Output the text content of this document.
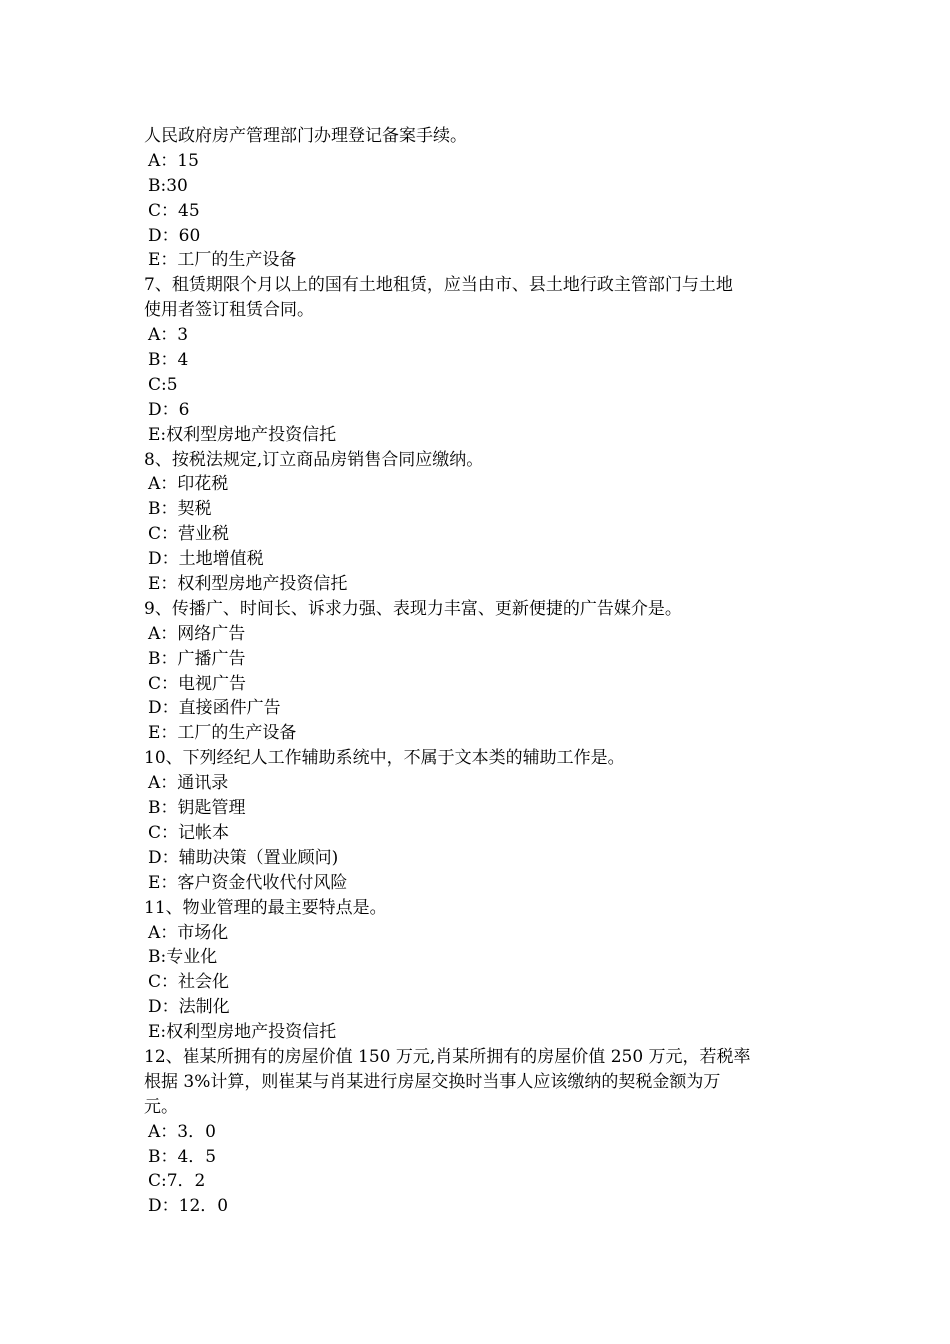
人民政府房产管理部门办理登记备案手续。
A：15
B:30
C：45
D：60
E：工厂的生产设备
7、租赁期限个月以上的国有土地租赁，应当由市、县土地行政主管部门与土地
使用者签订租赁合同。
A：3
B：4
C:5
D：6
E:权利型房地产投资信托
8、按税法规定,订立商品房销售合同应缴纳。
A：印花税
B：契税
C：营业税
D：土地增值税
E：权利型房地产投资信托
9、传播广、时间长、诉求力强、表现力丰富、更新便捷的广告媒介是。
A：网络广告
B：广播广告
C：电视广告
D：直接函件广告
E：工厂的生产设备
10、下列经纪人工作辅助系统中，不属于文本类的辅助工作是。
A：通讯录
B：钥匙管理
C：记帐本
D：辅助决策（置业顾问)
E：客户资金代收代付风险
11、物业管理的最主要特点是。
A：市场化
B:专业化
C：社会化
D：法制化
E:权利型房地产投资信托
12、崔某所拥有的房屋价值 150 万元,肖某所拥有的房屋价值 250 万元，若税率
根据 3%计算，则崔某与肖某进行房屋交换时当事人应该缴纳的契税金额为万
元。
A：3．0
B：4．5
C:7．2
D：12．0
